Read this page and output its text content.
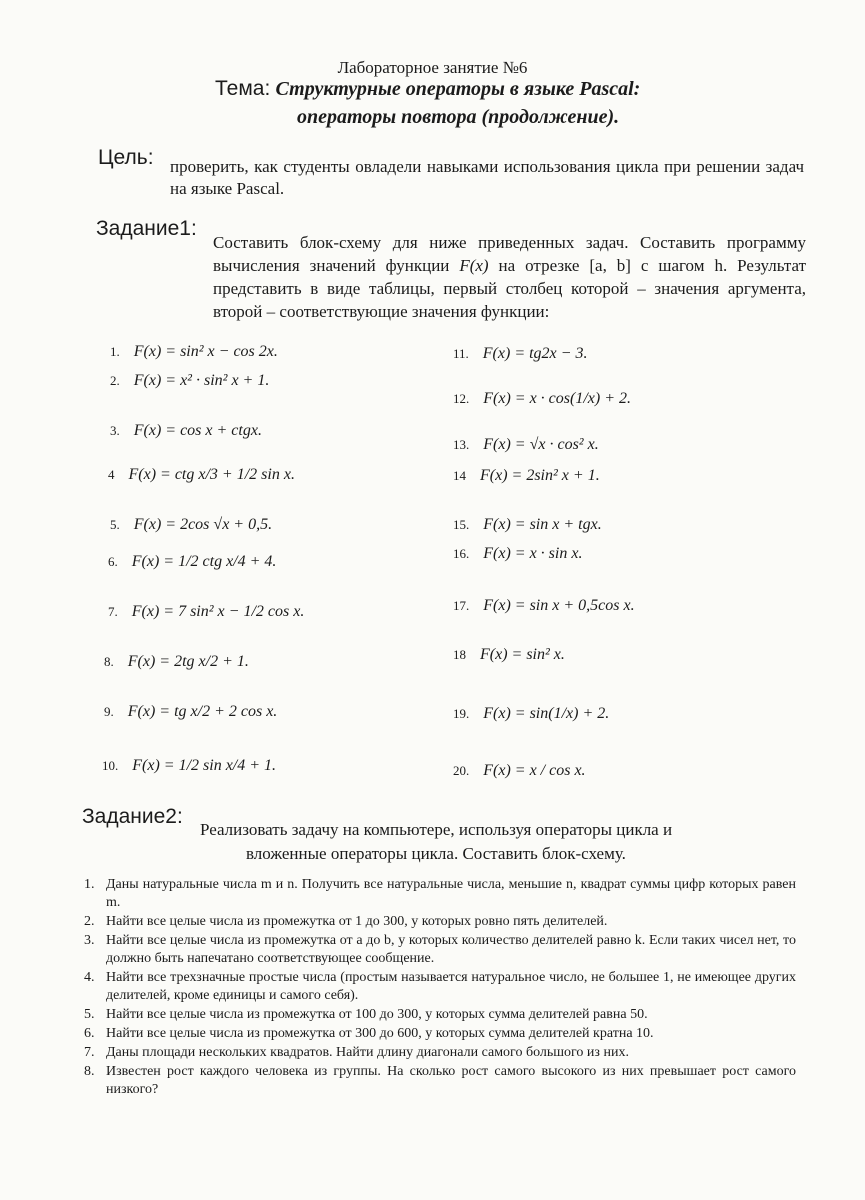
Лабораторное занятие №6
Тема: Структурные операторы в языке Pascal:
операторы повтора (продолжение).
Цель: проверить, как студенты овладели навыками использования цикла при решении задач на языке Pascal.
Задание1:
Составить блок-схему для ниже приведенных задач. Составить программу вычисления значений функции F(x) на отрезке [a, b] с шагом h. Результат представить в виде таблицы, первый столбец которой – значения аргумента, второй – соответствующие значения функции:
1. F(x) = sin² x − cos 2x.
2. F(x) = x² · sin² x + 1.
3. F(x) = cos x + ctgx.
4 F(x) = ctg x/3 + 1/2 sin x.
5. F(x) = 2cos √x + 0,5.
6. F(x) = 1/2 ctg x/4 + 4.
7. F(x) = 7 sin² x − 1/2 cos x.
8. F(x) = 2tg x/2 + 1.
9. F(x) = tg x/2 + 2 cos x.
10. F(x) = 1/2 sin x/4 + 1.
11. F(x) = tg2x − 3.
12. F(x) = x · cos(1/x) + 2.
13. F(x) = √x · cos² x.
14 F(x) = 2sin² x + 1.
15. F(x) = sin x + tgx.
16. F(x) = x · sin x.
17. F(x) = sin x + 0,5cos x.
18 F(x) = sin² x.
19. F(x) = sin(1/x) + 2.
20. F(x) = x / cos x.
Задание2:
Реализовать задачу на компьютере, используя операторы цикла и
вложенные операторы цикла. Составить блок-схему.
1. Даны натуральные числа m и n. Получить все натуральные числа, меньшие n, квадрат суммы цифр которых равен m.
2. Найти все целые числа из промежутка от 1 до 300, у которых ровно пять делителей.
3. Найти все целые числа из промежутка от a до b, у которых количество делителей равно k. Если таких чисел нет, то должно быть напечатано соответствующее сообщение.
4. Найти все трехзначные простые числа (простым называется натуральное число, не большее 1, не имеющее других делителей, кроме единицы и самого себя).
5. Найти все целые числа из промежутка от 100 до 300, у которых сумма делителей равна 50.
6. Найти все целые числа из промежутка от 300 до 600, у которых сумма делителей кратна 10.
7. Даны площади нескольких квадратов. Найти длину диагонали самого большого из них.
8. Известен рост каждого человека из группы. На сколько рост самого высокого из них превышает рост самого низкого?
